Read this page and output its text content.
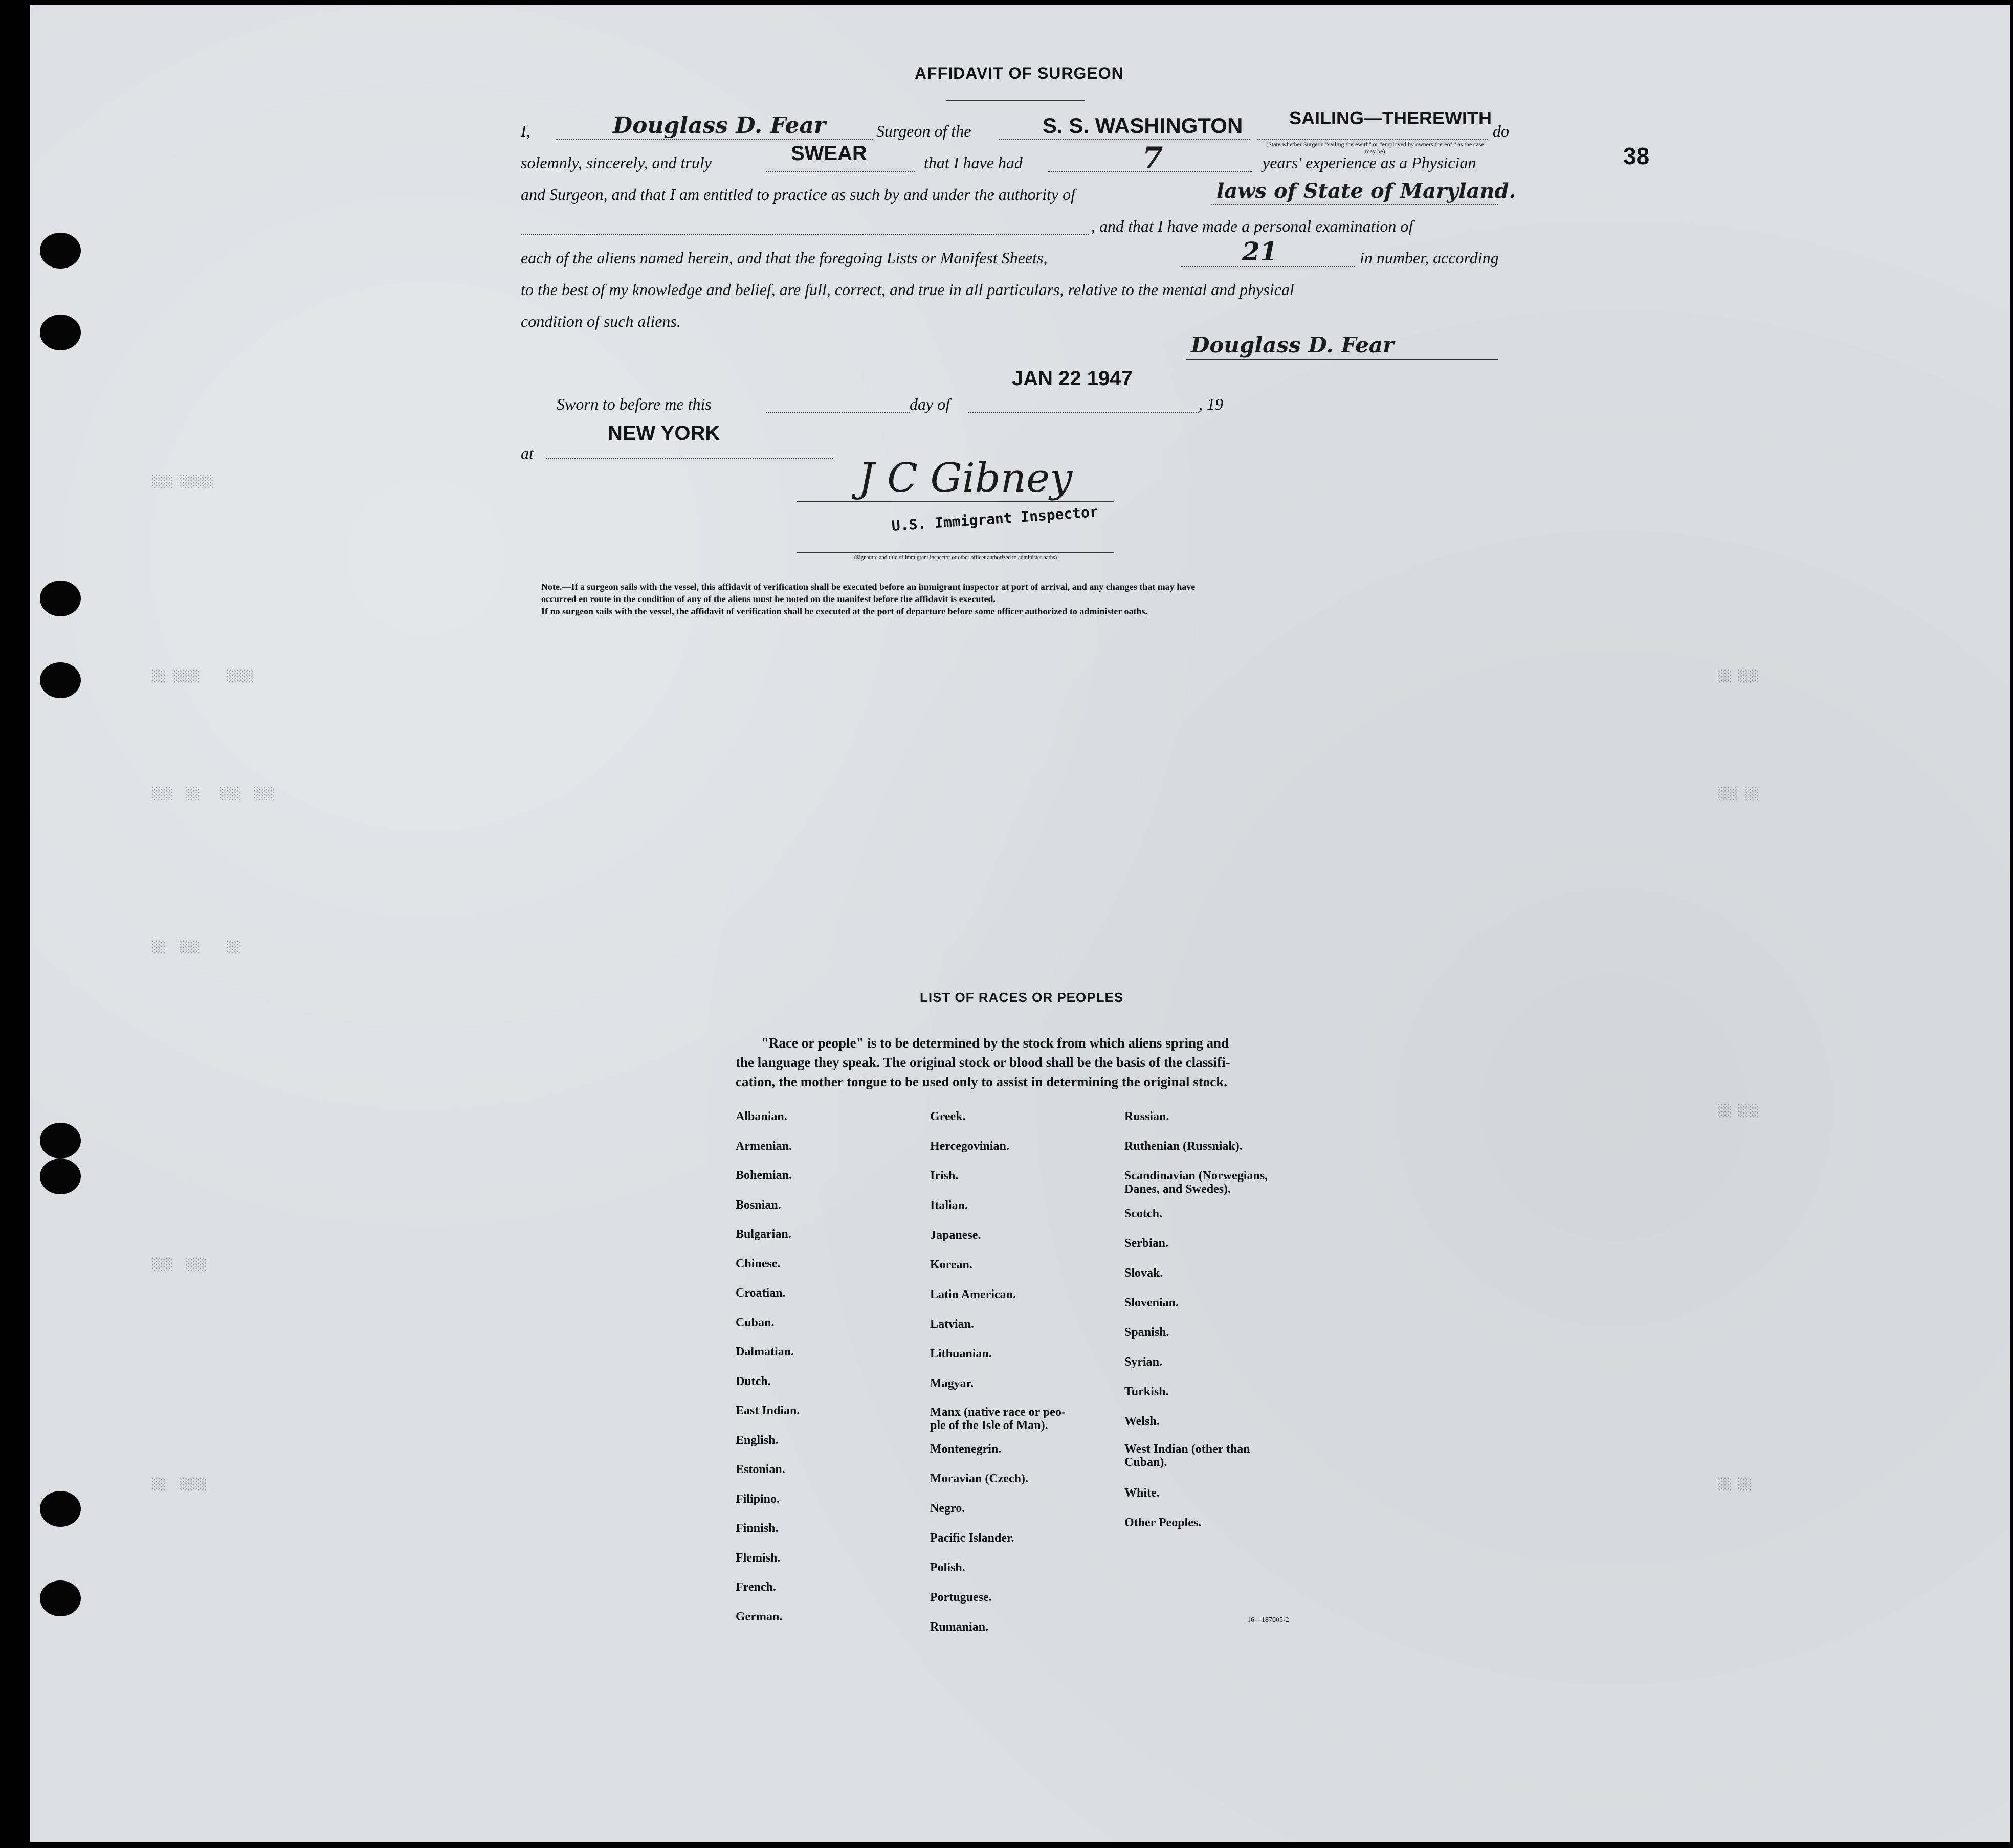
░░░ ░░░░░
░░ ░░░░    ░░░░
░░░  ░░   ░░░  ░░░
░░  ░░░    ░░
░░ ░░░
░░░ ░░
░░ ░░░
░░░  ░░░
░░  ░░░░	░░ ░░
AFFIDAVIT OF SURGEON
38
I,	Douglass D. Fear	Surgeon of the	S. S. WASHINGTON	SAILING—THEREWITH
(State whether Surgeon "sailing therewith" or "employed by owners thereof," as the case may be)
do
solemnly, sincerely, and truly	SWEAR	that I have had	7	years' experience as a Physician
and Surgeon, and that I am entitled to practice as such by and under the authority of	laws of State of Maryland.
, and that I have made a personal examination of
each of the aliens named herein, and that the foregoing Lists or Manifest Sheets,	21	in number, according
to the best of my knowledge and belief, are full, correct, and true in all particulars, relative to the mental and physical
condition of such aliens.
Douglass D. Fear
JAN 22 1947
Sworn to before me this	day of	, 19
at
NEW YORK
J C Gibney
U.S. Immigrant Inspector
(Signature and title of immigrant inspector or other officer authorized to administer oaths)
Note.—If a surgeon sails with the vessel, this affidavit of verification shall be executed before an immigrant inspector at port of arrival, and any changes that may have
occurred en route in the condition of any of the aliens must be noted on the manifest before the affidavit is executed.
If no surgeon sails with the vessel, the affidavit of verification shall be executed at the port of departure before some officer authorized to administer oaths.
LIST OF RACES OR PEOPLES
"Race or people" is to be determined by the stock from which aliens spring and
the language they speak. The original stock or blood shall be the basis of the classifi-
cation, the mother tongue to be used only to assist in determining the original stock.
Albanian.
Armenian.
Bohemian.
Bosnian.
Bulgarian.
Chinese.
Croatian.
Cuban.
Dalmatian.
Dutch.
East Indian.
English.
Estonian.
Filipino.
Finnish.
Flemish.
French.
German.
Greek.
Hercegovinian.
Irish.
Italian.
Japanese.
Korean.
Latin American.
Latvian.
Lithuanian.
Magyar.
Manx (native race or peo-
ple of the Isle of Man).
Montenegrin.
Moravian (Czech).
Negro.
Pacific Islander.
Polish.
Portuguese.
Rumanian.
Russian.
Ruthenian (Russniak).
Scandinavian (Norwegians,
Danes, and Swedes).
Scotch.
Serbian.
Slovak.
Slovenian.
Spanish.
Syrian.
Turkish.
Welsh.
West Indian (other than
Cuban).
White.
Other Peoples.
16—187005-2
